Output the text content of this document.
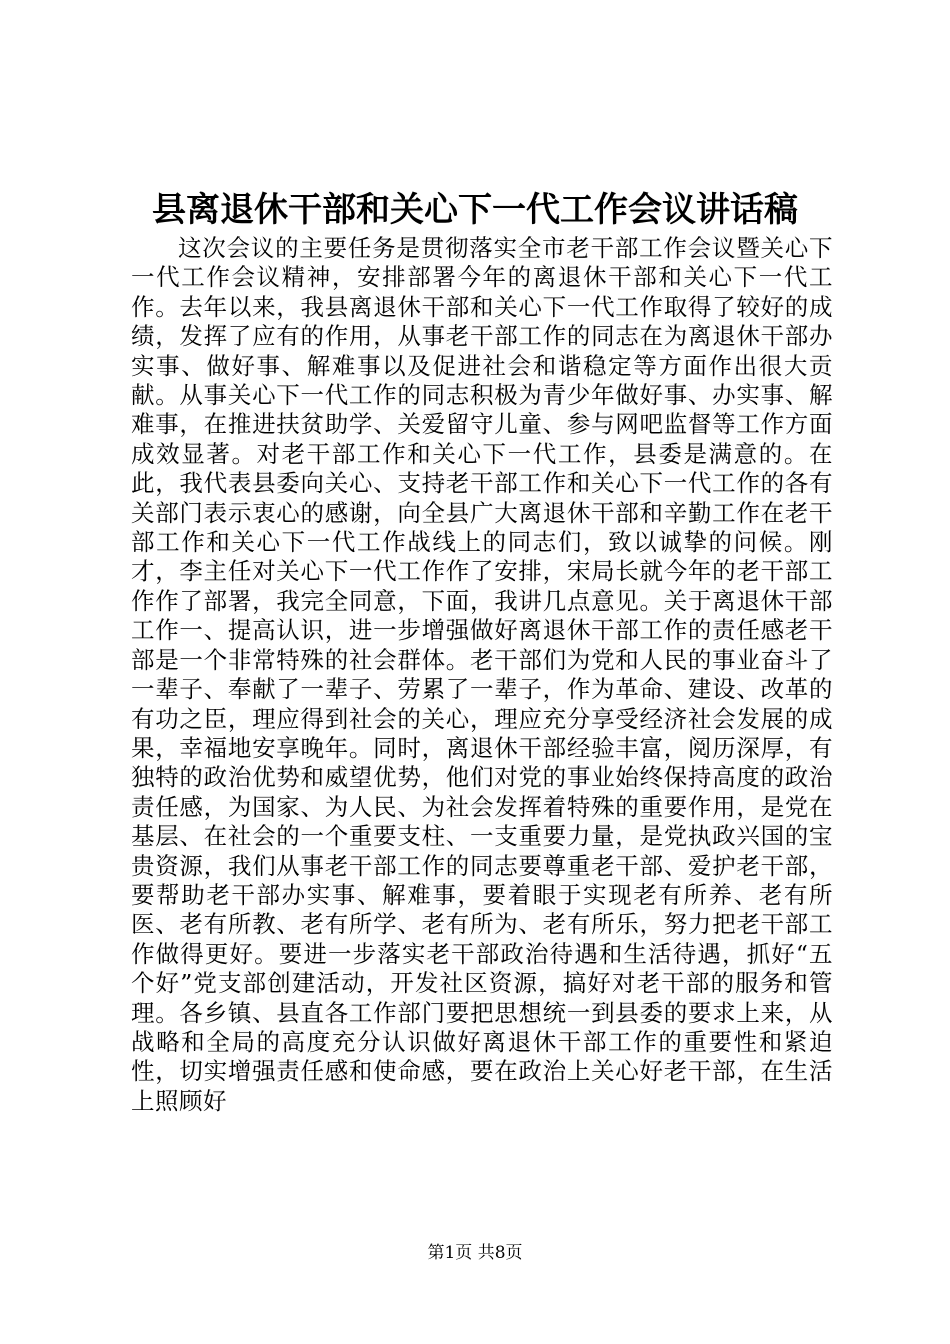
县离退休干部和关心下一代工作会议讲话稿

这次会议的主要任务是贯彻落实全市老干部工作会议暨关心下一代工作会议精神，安排部署今年的离退休干部和关心下一代工作。去年以来，我县离退休干部和关心下一代工作取得了较好的成绩，发挥了应有的作用，从事老干部工作的同志在为离退休干部办实事、做好事、解难事以及促进社会和谐稳定等方面作出很大贡献。从事关心下一代工作的同志积极为青少年做好事、办实事、解难事，在推进扶贫助学、关爱留守儿童、参与网吧监督等工作方面成效显著。对老干部工作和关心下一代工作，县委是满意的。在此，我代表县委向关心、支持老干部工作和关心下一代工作的各有关部门表示衷心的感谢，向全县广大离退休干部和辛勤工作在老干部工作和关心下一代工作战线上的同志们，致以诚挚的问候。刚才，李主任对关心下一代工作作了安排，宋局长就今年的老干部工作作了部署，我完全同意，下面，我讲几点意见。关于离退休干部工作一、提高认识，进一步增强做好离退休干部工作的责任感老干部是一个非常特殊的社会群体。老干部们为党和人民的事业奋斗了一辈子、奉献了一辈子、劳累了一辈子，作为革命、建设、改革的有功之臣，理应得到社会的关心，理应充分享受经济社会发展的成果，幸福地安享晚年。同时，离退休干部经验丰富，阅历深厚，有独特的政治优势和威望优势，他们对党的事业始终保持高度的政治责任感，为国家、为人民、为社会发挥着特殊的重要作用，是党在基层、在社会的一个重要支柱、一支重要力量，是党执政兴国的宝贵资源，我们从事老干部工作的同志要尊重老干部、爱护老干部，要帮助老干部办实事、解难事，要着眼于实现老有所养、老有所医、老有所教、老有所学、老有所为、老有所乐，努力把老干部工作做得更好。要进一步落实老干部政治待遇和生活待遇，抓好“五个好”党支部创建活动，开发社区资源，搞好对老干部的服务和管理。各乡镇、县直各工作部门要把思想统一到县委的要求上来，从战略和全局的高度充分认识做好离退休干部工作的重要性和紧迫性，切实增强责任感和使命感，要在政治上关心好老干部，在生活上照顾好

第1页 共8页
